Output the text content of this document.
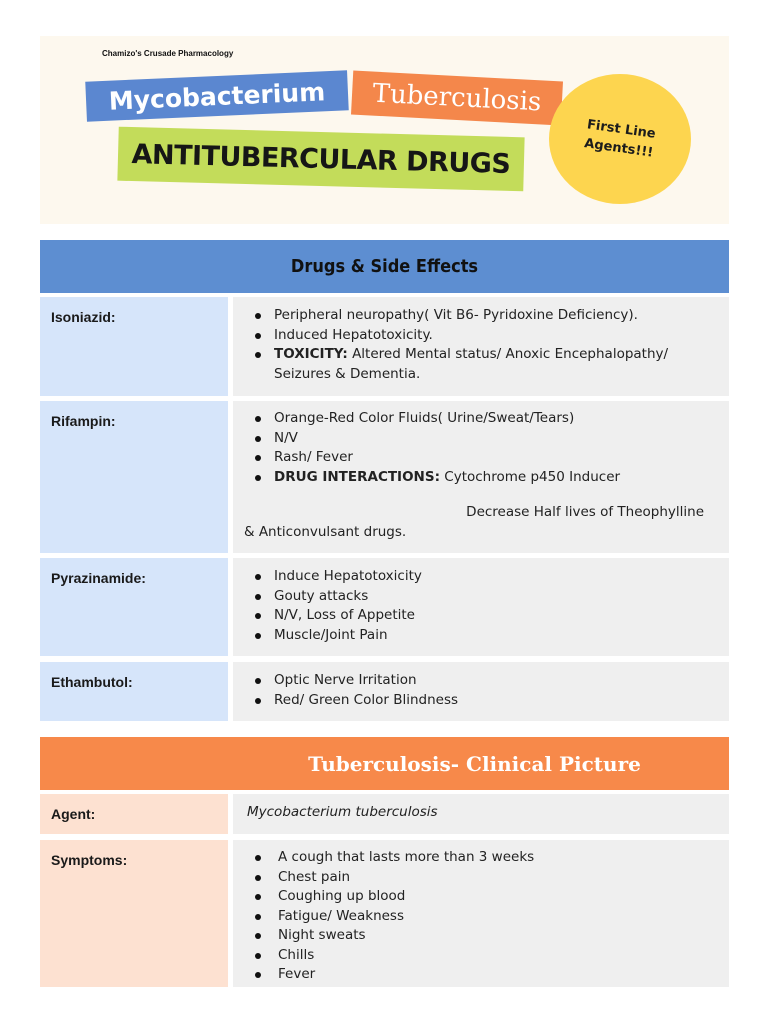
Chamizo's Crusade Pharmacology
Mycobacterium	Tuberculosis
ANTITUBERCULAR DRUGS
First Line Agents!!!
Drugs & Side Effects
Isoniazid:	Peripheral neuropathy( Vit B6- Pyridoxine Deficiency).
Induced Hepatotoxicity.
TOXICITY: Altered Mental status/ Anoxic Encephalopathy/ Seizures & Dementia.
Rifampin:	Orange-Red Color Fluids( Urine/Sweat/Tears)
N/V
Rash/ Fever
DRUG INTERACTIONS: Cytochrome p450 Inducer
Decrease Half lives of Theophylline
& Anticonvulsant drugs.
Pyrazinamide:	Induce Hepatotoxicity
Gouty attacks
N/V, Loss of Appetite
Muscle/Joint Pain
Ethambutol:	Optic Nerve Irritation
Red/ Green Color Blindness
Tuberculosis- Clinical Picture
Agent:	Mycobacterium tuberculosis
Symptoms:	A cough that lasts more than 3 weeks
Chest pain
Coughing up blood
Fatigue/ Weakness
Night sweats
Chills
Fever
